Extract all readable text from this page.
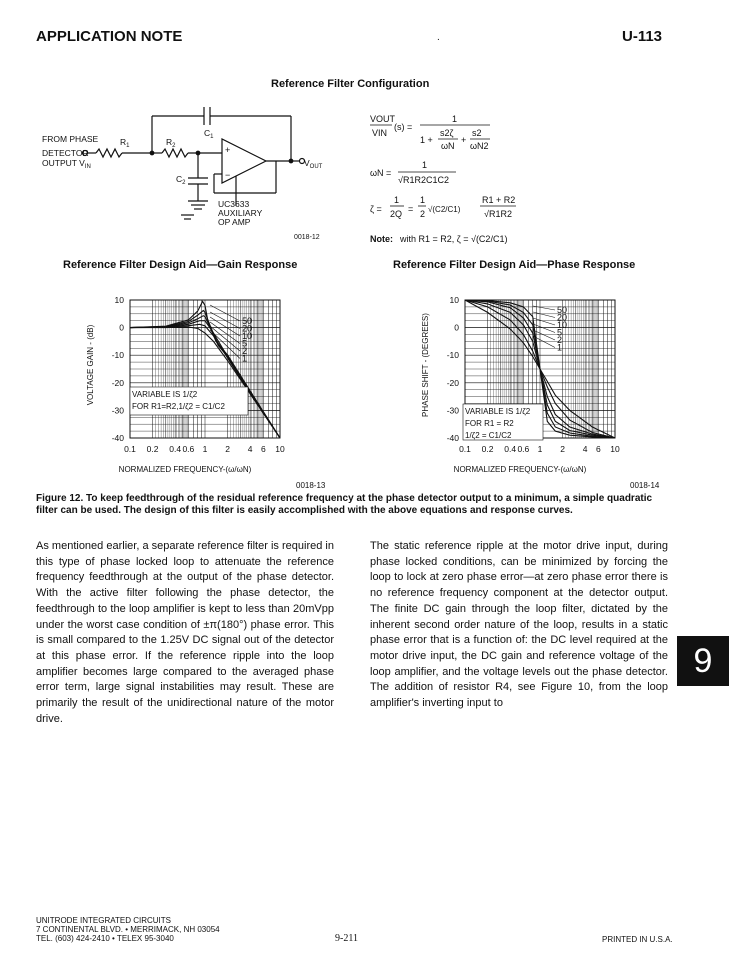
APPLICATION NOTE	.	U-113
Reference Filter Configuration
FROM PHASE
DETECTOR
OUTPUT $V_{IN}$
$R_1$	$R_2$
$C_1$
$C_2$
+
−
$V_{OUT}$
UC3633
AUXILIARY
OP AMP
0018-12
VOUT
VIN
(s) =
1
1 +
s2ζ
ωN
+
s2
ωN2
ωN =
1
√R1R2C1C2
ζ =
1
2Q =
1
2 √(C2/C1)
R1 + R2
√R1R2
Note: with R1 = R2, ζ = √(C2/C1)
Reference Filter Design Aid—Gain Response	Reference Filter Design Aid—Phase Response
VOLTAGE GAIN - (dB)
10
0
-10
-20
-30
-40
0.1 0.2 0.4 0.6 1 2 4 6 10
50
20
10
5
2
1
VARIABLE IS 1/ζ2
FOR R1=R2,1/ζ2 = C1/C2
NORMALIZED FREQUENCY-(ω/ωN)
0018-13
PHASE SHIFT - (DEGREES)
10
0
-10
-20
-30
-40
0.1 0.2 0.4 0.6 1 2 4 6 10
50
20
10
5
2
1
VARIABLE IS 1/ζ2
FOR R1 = R2
1/ζ2 = C1/C2
NORMALIZED FREQUENCY-(ω/ωN)
0018-14
Figure 12. To keep feedthrough of the residual reference frequency at the phase detector output to a minimum, a simple quadratic filter can be used. The design of this filter is easily accomplished with the above equations and response curves.
As mentioned earlier, a separate reference filter is required in this type of phase locked loop to attenuate the reference frequency feedthrough at the output of the phase detector. With the active filter following the phase detector, the feedthrough to the loop amplifier is kept to less than 20mVpp under the worst case condition of ±π(180°) phase error. This is small compared to the 1.25V DC signal out of the detector at this phase error. If the reference ripple into the loop amplifier becomes large compared to the averaged phase error term, large signal instabilities may result. These are primarily the result of the unidirectional nature of the motor drive.
The static reference ripple at the motor drive input, during phase locked conditions, can be minimized by forcing the loop to lock at zero phase error—at zero phase error there is no reference frequency component at the detector output. The finite DC gain through the loop filter, dictated by the inherent second order nature of the loop, results in a static phase error that is a function of: the DC level required at the motor drive input, the DC gain and reference voltage of the loop amplifier, and the voltage levels out the phase detector. The addition of resistor R4, see Figure 10, from the loop amplifier's inverting input to
9
UNITRODE INTEGRATED CIRCUITS
7 CONTINENTAL BLVD. • MERRIMACK, NH 03054
TEL. (603) 424-2410 • TELEX 95-3040	9-211	PRINTED IN U.S.A.
